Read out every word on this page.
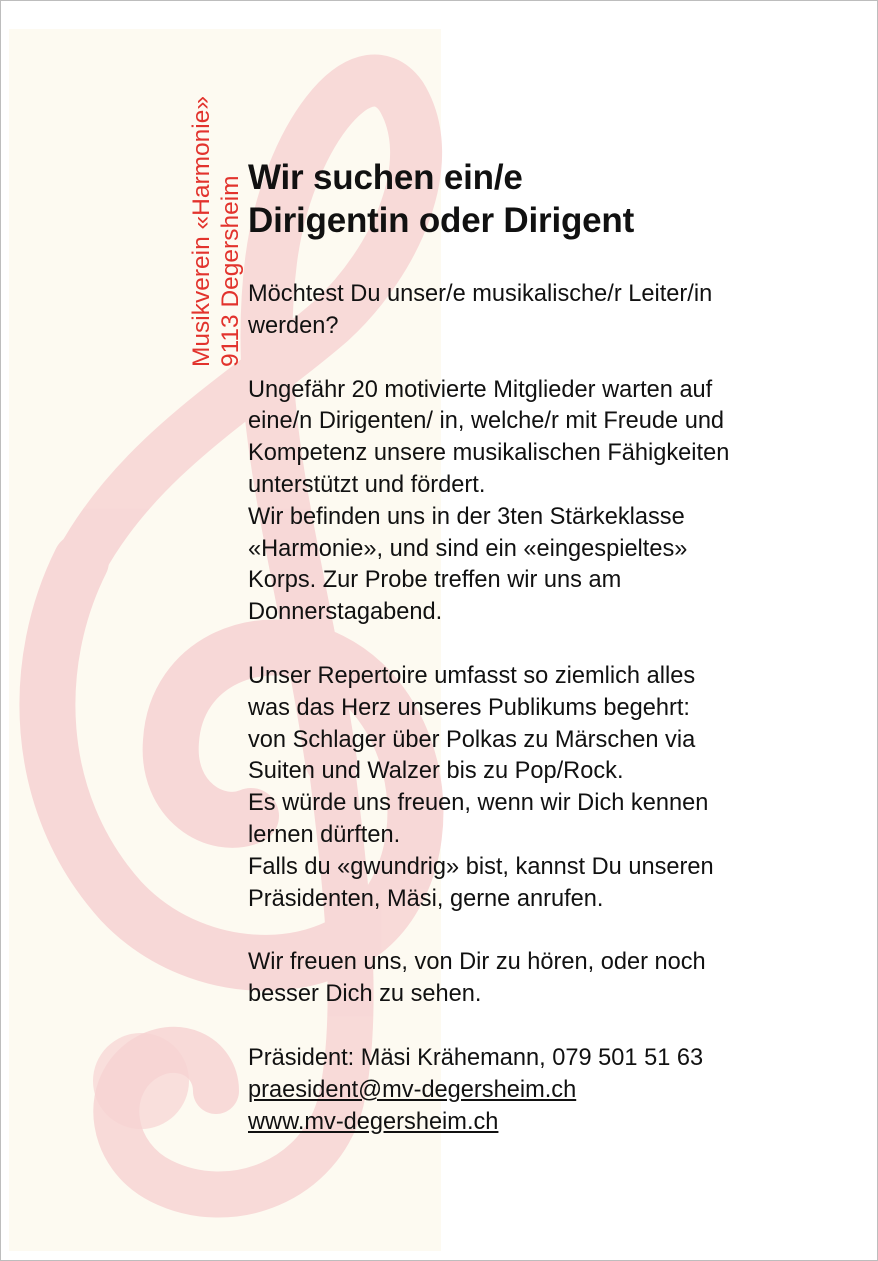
Musikverein «Harmonie» 9113 Degersheim Wir suchen ein/e
Dirigentin oder Dirigent

Möchtest Du unser/e musikalische/r Leiter/in
werden?

Ungefähr 20 motivierte Mitglieder warten auf
eine/n Dirigenten/ in, welche/r mit Freude und
Kompetenz unsere musikalischen Fähigkeiten
unterstützt und fördert.
Wir befinden uns in der 3ten Stärkeklasse
«Harmonie», und sind ein «eingespieltes»
Korps. Zur Probe treffen wir uns am
Donnerstagabend.

Unser Repertoire umfasst so ziemlich alles
was das Herz unseres Publikums begehrt:
von Schlager über Polkas zu Märschen via
Suiten und Walzer bis zu Pop/Rock.
Es würde uns freuen, wenn wir Dich kennen
lernen dürften.
Falls du «gwundrig» bist, kannst Du unseren
Präsidenten, Mäsi, gerne anrufen.

Wir freuen uns, von Dir zu hören, oder noch
besser Dich zu sehen.

Präsident: Mäsi Krähemann, 079 501 51 63
praesident@mv-degersheim.ch
www.mv-degersheim.ch
